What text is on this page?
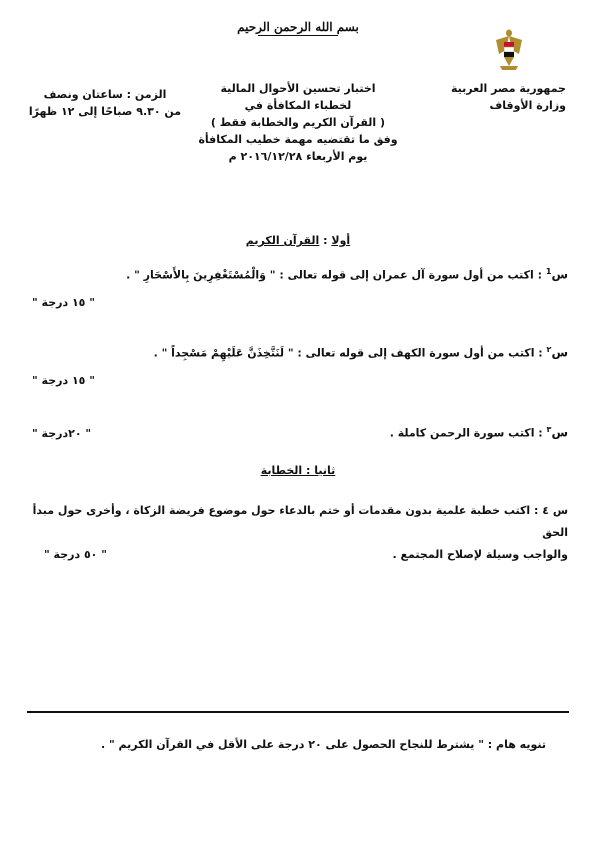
بسم الله الرحمن الرحيم
جمهورية مصر العربية
وزارة الأوقاف
اختبار تحسين الأحوال المالية
لخطباء المكافأة في
( القرآن الكريم والخطابة فقط )
وفق ما تقتضيه مهمة خطيب المكافأة
يوم الأربعاء ٢٠١٦/١٢/٢٨ م
الزمن : ساعتان ونصف
من ٩.٣٠ صباحًا إلى ١٢ ظهرًا
أولا : القرآن الكريم
س$^1$ : اكتب من أول سورة آل عمران إلى قوله تعالى : " وَالْمُسْتَغْفِرِينَ بِالأَسْحَارِ " .
" ١٥ درجة "
س$^٢$ : اكتب من أول سورة الكهف إلى قوله تعالى : " لَنَتَّخِذَنَّ عَلَيْهِمْ مَسْجِداً " .
" ١٥ درجة "
س$^٣$ : اكتب سورة الرحمن كاملة .
" ٢٠درجة "
ثانيا : الخطابة
س ٤ : اكتب خطبة علمية بدون مقدمات أو ختم بالدعاء حول موضوع فريضة الزكاة ، وأخرى حول مبدأ الحق
والواجب وسيلة لإصلاح المجتمع .
" ٥٠ درجة "
تنويه هام : " يشترط للنجاح الحصول على ٢٠ درجة على الأقل في القرآن الكريم " .
